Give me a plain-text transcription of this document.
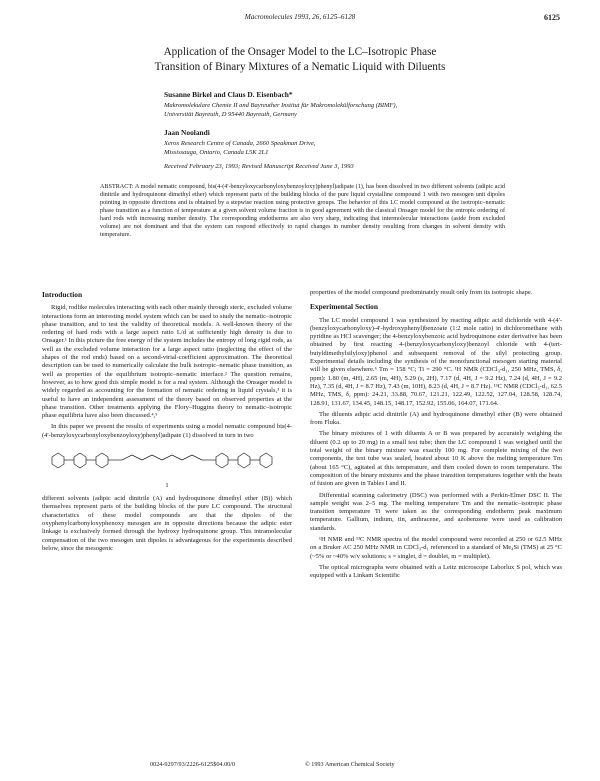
Macromolecules 1993, 26, 6125–6128	6125
Application of the Onsager Model to the LC–Isotropic Phase

Transition of Binary Mixtures of a Nematic Liquid with Diluents
Susanne Birkel and Claus D. Eisenbach*
Makromolekulare Chemie II and Bayreuther Institut für Makromolekülforschung (BIMF),
Universität Bayreuth, D 95440 Bayreuth, Germany
Jaan Noolandi
Xerox Research Centre of Canada, 2660 Speakman Drive,
Mississauga, Ontario, Canada L5K 2L1
Received February 23, 1993; Revised Manuscript Received June 3, 1993
ABSTRACT: A model nematic compound, bis(4-(4'-benzyloxycarbonyloxybenzoyloxy)phenyl)adipate (1), has been dissolved in two different solvents (adipic acid dinitrile and hydroquinone dimethyl ether) which represent parts of the building blocks of the pure liquid crystalline compound 1 with two mesogen unit dipoles pointing in opposite directions and is obtained by a stepwise reaction using protective groups. The behavior of this LC model compound at the isotropic–nematic phase transition as a function of temperature at a given solvent volume fraction is in good agreement with the classical Onsager model for the entropic ordering of hard rods with increasing number density. The corresponding endotherms are also very sharp, indicating that intermolecular interactions (aside from excluded volume) are not dominant and that the system can respond effectively to rapid changes in number density resulting from changes in solvent density with temperature.
Introduction

Rigid, rodlike molecules interacting with each other mainly through steric, excluded volume interactions form an interesting model system which can be used to study the nematic–isotropic phase transition, and to test the validity of theoretical models. A well-known theory of the ordering of hard rods with a large aspect ratio L/d at sufficiently high density is due to Onsager.¹ In this picture the free energy of the system includes the entropy of long rigid rods, as well as the excluded volume interaction for a large aspect ratio (neglecting the effect of the shapes of the rod ends) based on a second-virial-coefficient approximation. The theoretical description can be used to numerically calculate the bulk isotropic–nematic phase transition, as well as properties of the equilibrium isotropic–nematic interface.² The question remains, however, as to how good this simple model is for a real system. Although the Onsager model is widely regarded as accounting for the formation of nematic ordering in liquid crystals,³ it is useful to have an independent assessment of the theory based on observed properties at the phase transition. Other treatments applying the Flory–Huggins theory to nematic–isotropic phase equilibria have also been discussed.⁴,⁵

In this paper we present the results of experiments using a model nematic compound bis(4-(4'-benzyloxycarbonyloxybenzoyloxy)phenyl)adipate (1) dissolved in turn in two

1

different solvents (adipic acid dinitrile (A) and hydroquinone dimethyl ether (B)) which themselves represent parts of the building blocks of the pure LC compound. The structural characteristics of these model compounds are that the dipoles of the oxyphenylcarbonyloxyphenoxy mesogen are in opposite directions because the adipic ester linkage is exclusively formed through the hydroxy hydroquinone group. This intramolecular compensation of the two mesogen unit dipoles is advantageous for the experiments described below, since the mesogenic

properties of the model compound predominately result only from its isotropic shape.

Experimental Section

The LC model compound 1 was synthesized by reacting adipic acid dichloride with 4-(4'-(benzyloxycarbonyloxy)-4'-hydroxyphenyl)benzoate (1:2 mole ratio) in dichloromethane with pyridine as HCl scavenger; the 4-benzyloxybenzoic acid hydroquinone ester derivative has been obtained by first reacting 4-(benzyloxycarbonyloxy)benzoyl chloride with 4-(tert-butyldimethylsilyloxy)phenol and subsequent removal of the silyl protecting group. Experimental details including the synthesis of the monofunctional mesogen starting material will be given elsewhere.⁶ Tm = 158 °C; Ti = 290 °C. ¹H NMR (CDCl₃-d₁, 250 MHz, TMS, δ, ppm): 1.80 (m, 4H), 2.65 (m, 4H), 5.29 (s, 2H), 7.17 (d, 4H, J = 9.2 Hz), 7.24 (d, 4H, J = 9.2 Hz), 7.35 (d, 4H, J = 8.7 Hz), 7.43 (m, 10H), 8.23 (d, 4H, J = 8.7 Hz). ¹³C NMR (CDCl₃-d₁, 62.5 MHz, TMS, δ, ppm): 24.21, 33.88, 70.67, 121.21, 122.49, 122.52, 127.04, 128.58, 128.74, 128.91, 131.67, 134.45, 148.15, 148.17, 152.92, 155.06, 164.07, 171.64.

The diluents adipic acid dinitrile (A) and hydroquinone dimethyl ether (B) were obtained from Fluka.

The binary mixtures of 1 with diluents A or B was prepared by accurately weighing the diluent (0.2 up to 20 mg) in a small test tube; then the LC compound 1 was weighed until the total weight of the binary mixture was exactly 100 mg. For complete mixing of the two components, the test tube was sealed, heated about 10 K above the melting temperature Tm (about 165 °C), agitated at this temperature, and then cooled down to room temperature. The composition of the binary mixtures and the phase transition temperatures together with the heats of fusion are given in Tables I and II.

Differential scanning calorimetry (DSC) was performed with a Perkin-Elmer DSC II. The sample weight was 2–5 mg. The melting temperature Tm and the nematic–isotropic phase transition temperature Ti were taken as the corresponding endotherm peak maximum temperature. Gallium, indium, tin, anthracene, and azobenzene were used as calibration standards.

¹H NMR and ¹³C NMR spectra of the model compound were recorded at 250 or 62.5 MHz on a Bruker AC 250 MHz NMR in CDCl₃-d₁ referenced to a standard of Me₄Si (TMS) at 25 °C (~5% or ~40% w/v solutions; s = singlet, d = doublet, m = multiplet).

The optical micrographs were obtained with a Leitz microscope Laborlux S pol, which was equipped with a Linkam Scientific

0024-9297/93/2226-6125$04.00/0	© 1993 American Chemical Society
